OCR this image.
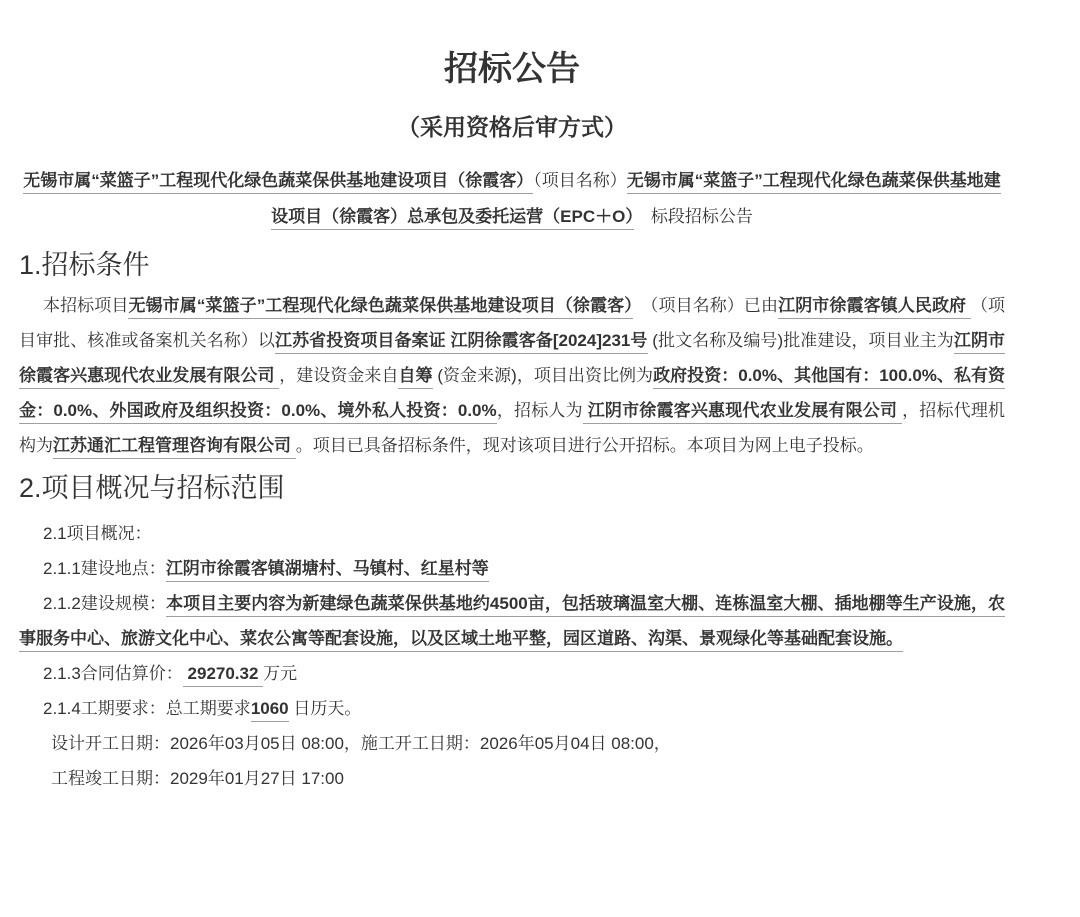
招标公告
（采用资格后审方式）

无锡市属“菜篮子”工程现代化绿色蔬菜保供基地建设项目（徐霞客）（项目名称）无锡市属“菜篮子”工程现代化绿色蔬菜保供基地建设项目（徐霞客）总承包及委托运营（EPC＋O）　标段招标公告

1.招标条件

本招标项目无锡市属“菜篮子”工程现代化绿色蔬菜保供基地建设项目（徐霞客）　（项目名称）已由江阴市徐霞客镇人民政府 （项目审批、核准或备案机关名称）以江苏省投资项目备案证 江阴徐霞客备[2024]231号 (批文名称及编号)批准建设，项目业主为江阴市徐霞客兴惠现代农业发展有限公司 ，建设资金来自自筹 (资金来源)，项目出资比例为政府投资：0.0%、其他国有：100.0%、私有资金：0.0%、外国政府及组织投资：0.0%、境外私人投资：0.0%，招标人为 江阴市徐霞客兴惠现代农业发展有限公司 ，招标代理机构为江苏通汇工程管理咨询有限公司 。项目已具备招标条件，现对该项目进行公开招标。本项目为网上电子投标。

2.项目概况与招标范围

2.1项目概况：

2.1.1建设地点：江阴市徐霞客镇湖塘村、马镇村、红星村等

2.1.2建设规模：本项目主要内容为新建绿色蔬菜保供基地约4500亩，包括玻璃温室大棚、连栋温室大棚、插地棚等生产设施，农事服务中心、旅游文化中心、菜农公寓等配套设施，以及区域土地平整，园区道路、沟渠、景观绿化等基础配套设施。

2.1.3合同估算价： 29270.32 万元

2.1.4工期要求：总工期要求1060 日历天。

设计开工日期：2026年03月05日 08:00，施工开工日期：2026年05月04日 08:00，

工程竣工日期：2029年01月27日 17:00
